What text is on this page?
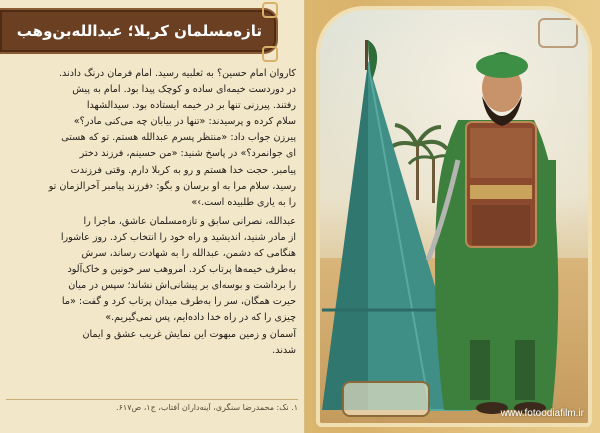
تازه‌مسلمان کربلا؛ عبدالله‌بن‌وهب
کاروان امام حسین؟ به ثعلبیه رسید. امام فرمان درنگ دادند.
در دوردست خیمه‌ای ساده و کوچک پیدا بود. امام به پیش
رفتند. پیرزنی تنها بر در خیمه ایستاده بود. سیدالشهدا
سلام کرده و پرسیدند: «تنها در بیابان چه می‌کنی مادر؟»
پیرزن جواب داد: «منتظر پسرم عبدالله هستم. تو که هستی
ای جوانمرد؟» در پاسخ شنید: «من حسینم، فرزند دختر
پیامبر. حجت خدا هستم و رو به کربلا دارم. وقتی فرزندت
رسید، سلام مرا به او برسان و بگو: ‹فرزند پیامبر آخرالزمان تو
را به یاری طلبیده است.›»
عبدالله، نصرانی سابق و تازه‌مسلمان عاشق، ماجرا را
از مادر شنید، اندیشید و راه خود را انتخاب کرد. روز عاشورا
هنگامی که دشمن، عبدالله را به شهادت رساند، سرش
به‌طرف خیمه‌ها پرتاب کرد. امروهب سر خونین و خاک‌آلود
را برداشت و بوسه‌ای بر پیشانی‌اش نشاند؛ سپس در میان
حیرت همگان، سر را به‌طرف میدان پرتاب کرد و گفت: «ما
چیزی را که در راه خدا داده‌ایم، پس نمی‌گیریم.»
آسمان و زمین مبهوت این نمایش غریب عشق و ایمان
شدند.
۱. نک: محمدرضا سنگری، آینه‌داران آفتاب، ج۱، ص۶۱۷.
www.fotoodiafilm.ir
